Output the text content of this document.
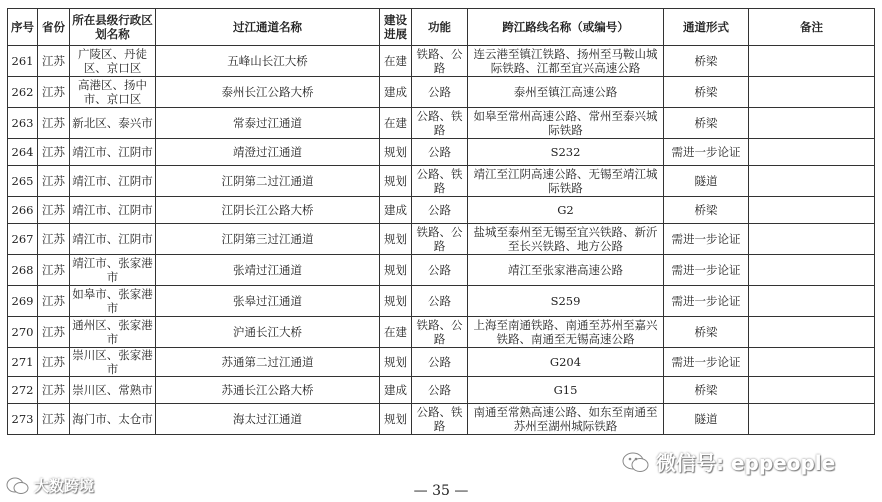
序号	省份	所在县级行政区划名称	过江通道名称	建设进展	功能	跨江路线名称（或编号）	通道形式	备注
261	江苏	广陵区、丹徒区、京口区	五峰山长江大桥	在建	铁路、公路	连云港至镇江铁路、扬州至马鞍山城际铁路、江都至宜兴高速公路	桥梁	
262	江苏	高港区、扬中市、京口区	泰州长江公路大桥	建成	公路	泰州至镇江高速公路	桥梁	
263	江苏	新北区、泰兴市	常泰过江通道	在建	公路、铁路	如皋至常州高速公路、常州至泰兴城际铁路	桥梁	
264	江苏	靖江市、江阴市	靖澄过江通道	规划	公路	S232	需进一步论证	
265	江苏	靖江市、江阴市	江阴第二过江通道	规划	公路、铁路	靖江至江阴高速公路、无锡至靖江城际铁路	隧道	
266	江苏	靖江市、江阴市	江阴长江公路大桥	建成	公路	G2	桥梁	
267	江苏	靖江市、江阴市	江阴第三过江通道	规划	铁路、公路	盐城至泰州至无锡至宜兴铁路、新沂至长兴铁路、地方公路	需进一步论证	
268	江苏	靖江市、张家港市	张靖过江通道	规划	公路	靖江至张家港高速公路	需进一步论证	
269	江苏	如皋市、张家港市	张皋过江通道	规划	公路	S259	需进一步论证	
270	江苏	通州区、张家港市	沪通长江大桥	在建	铁路、公路	上海至南通铁路、南通至苏州至嘉兴铁路、南通至无锡高速公路	桥梁	
271	江苏	崇川区、张家港市	苏通第二过江通道	规划	公路	G204	需进一步论证	
272	江苏	崇川区、常熟市	苏通长江公路大桥	建成	公路	G15	桥梁	
273	江苏	海门市、太仓市	海太过江通道	规划	公路、铁路	南通至常熟高速公路、如东至南通至苏州至湖州城际铁路	隧道	
微信号: eppeople
大数跨境	— 35 —
